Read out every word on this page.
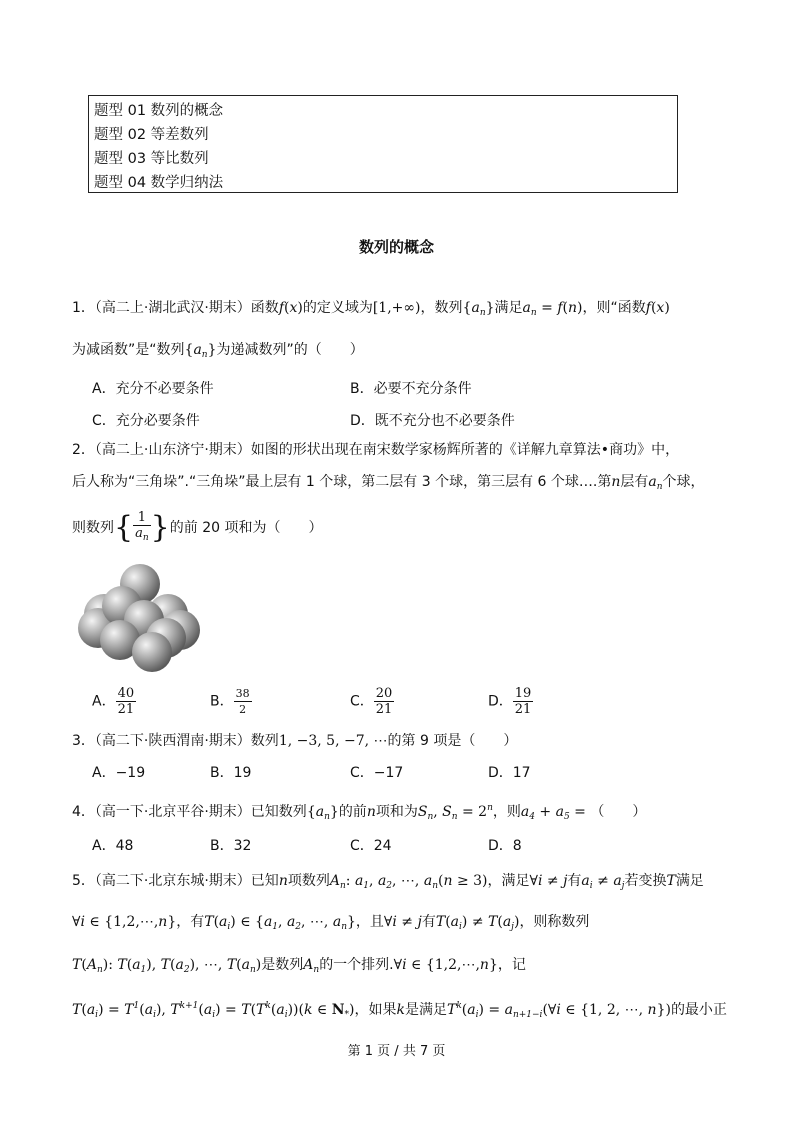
题型 01 数列的概念
题型 02 等差数列
题型 03 等比数列
题型 04 数学归纳法
数列的概念
1．（高二上·湖北武汉·期末）函数f(x)的定义域为[1,+∞)，数列$\{a_n\}$满足$a_n = f(n)$，则“函数f(x)
为减函数”是“数列$\{a_n\}$为递减数列”的（　　）
A．充分不必要条件	B．必要不充分条件
C．充分必要条件	D．既不充分也不必要条件
2．（高二上·山东济宁·期末）如图的形状出现在南宋数学家杨辉所著的《详解九章算法•商功》中，
后人称为“三角垛”.“三角垛”最上层有 1 个球，第二层有 3 个球，第三层有 6 个球….第n层有$a_n$个球，
则数列{ $\frac{1}{a_n}$ }的前 20 项和为（　　）
A． $\frac{40}{21}$	B． $\frac{38}{2}$	C． $\frac{20}{21}$	D． $\frac{19}{21}$
3．（高二下·陕西渭南·期末）数列1, −3, 5, −7, ⋯的第 9 项是（　　）
A．−19	B．19	C．−17	D．17
4．（高一下·北京平谷·期末）已知数列$\{a_n\}$的前n项和为$S_n$, $S_n = 2^n$，则$a_4 + a_5$ = （　　）
A．48	B．32	C．24	D．8
5．（高二下·北京东城·期末）已知n项数列$A_n$: $a_1$, $a_2$, ⋯, $a_n(n \ge 3)$，满足∀i ≠ j有$a_i \ne a_j$若变换T满足
∀i ∈ {1,2,⋯,n}，有$T(a_i)$ ∈ {$a_1$, $a_2$, ⋯, $a_n$}，且∀i ≠ j有$T(a_i) \ne T(a_j)$，则称数列
$T(A_n)$: $T(a_1)$, $T(a_2)$, ⋯, $T(a_n)$是数列$A_n$的一个排列.∀i ∈ {1,2,⋯,n}，记
$T(a_i) = T^1(a_i)$, $T^{k+1}(a_i) = T(T^k(a_i))(k$ ∈ $N_*$)，如果k是满足$T^k(a_i)$ = $a_{n+1-i}(\forall i$ ∈ {1, 2, ⋯, n})的最小正
第 1 页 / 共 7 页
